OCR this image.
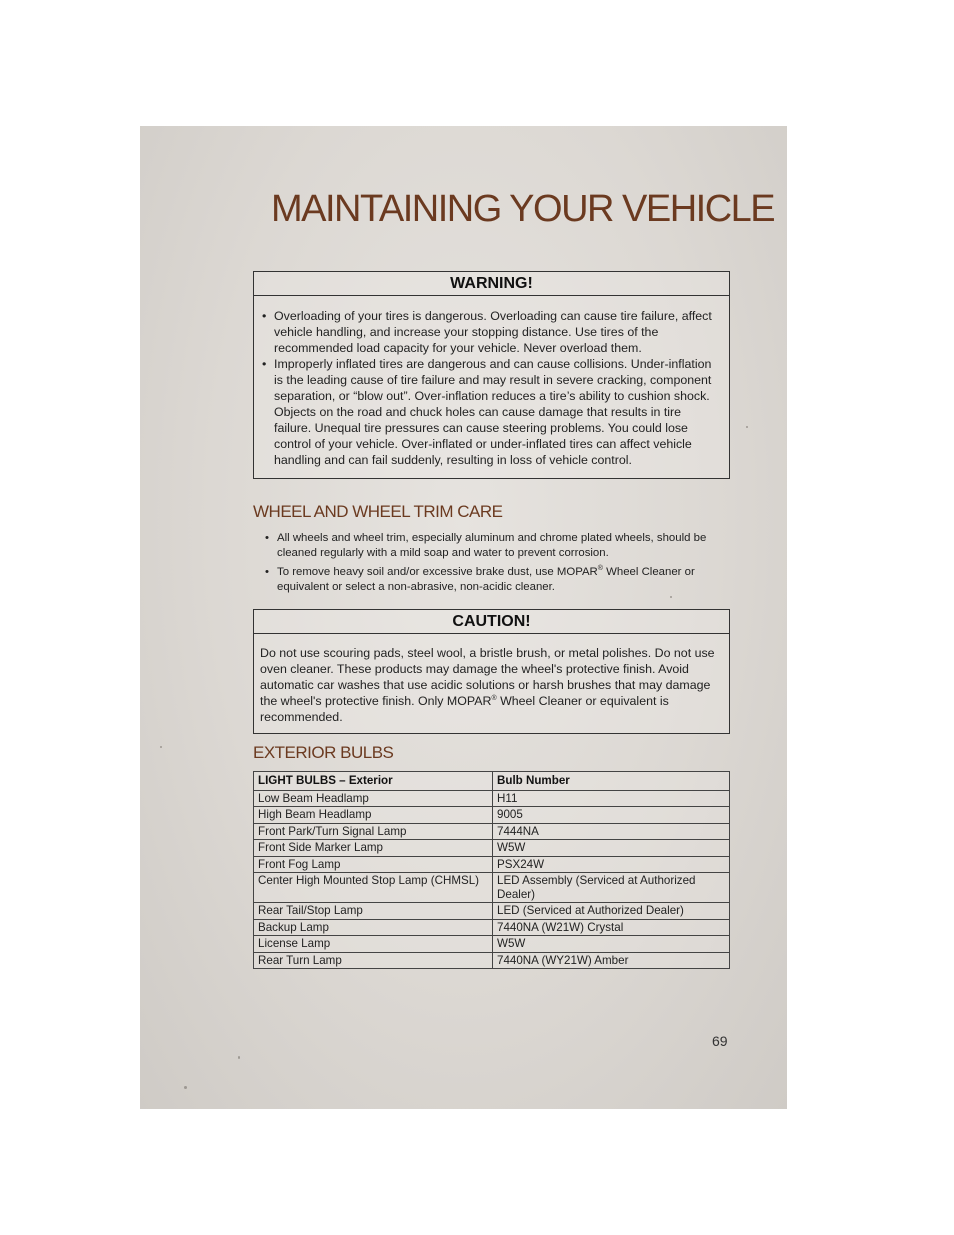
MAINTAINING YOUR VEHICLE
WARNING!
• Overloading of your tires is dangerous. Overloading can cause tire failure, affect vehicle handling, and increase your stopping distance. Use tires of the recommended load capacity for your vehicle. Never overload them.
• Improperly inflated tires are dangerous and can cause collisions. Under-inflation is the leading cause of tire failure and may result in severe cracking, component separation, or “blow out”. Over-inflation reduces a tire’s ability to cushion shock. Objects on the road and chuck holes can cause damage that results in tire failure. Unequal tire pressures can cause steering problems. You could lose control of your vehicle. Over-inflated or under-inflated tires can affect vehicle handling and can fail suddenly, resulting in loss of vehicle control.
WHEEL AND WHEEL TRIM CARE
• All wheels and wheel trim, especially aluminum and chrome plated wheels, should be cleaned regularly with a mild soap and water to prevent corrosion.
• To remove heavy soil and/or excessive brake dust, use MOPAR® Wheel Cleaner or equivalent or select a non-abrasive, non-acidic cleaner.
CAUTION!

Do not use scouring pads, steel wool, a bristle brush, or metal polishes. Do not use oven cleaner. These products may damage the wheel's protective finish. Avoid automatic car washes that use acidic solutions or harsh brushes that may damage the wheel's protective finish. Only MOPAR® Wheel Cleaner or equivalent is recommended.

EXTERIOR BULBS
LIGHT BULBS – Exterior	Bulb Number
Low Beam Headlamp	H11
High Beam Headlamp	9005
Front Park/Turn Signal Lamp	7444NA
Front Side Marker Lamp	W5W
Front Fog Lamp	PSX24W
Center High Mounted Stop Lamp (CHMSL)	LED Assembly (Serviced at Authorized Dealer)
Rear Tail/Stop Lamp	LED (Serviced at Authorized Dealer)
Backup Lamp	7440NA (W21W) Crystal
License Lamp	W5W
Rear Turn Lamp	7440NA (WY21W) Amber
69
